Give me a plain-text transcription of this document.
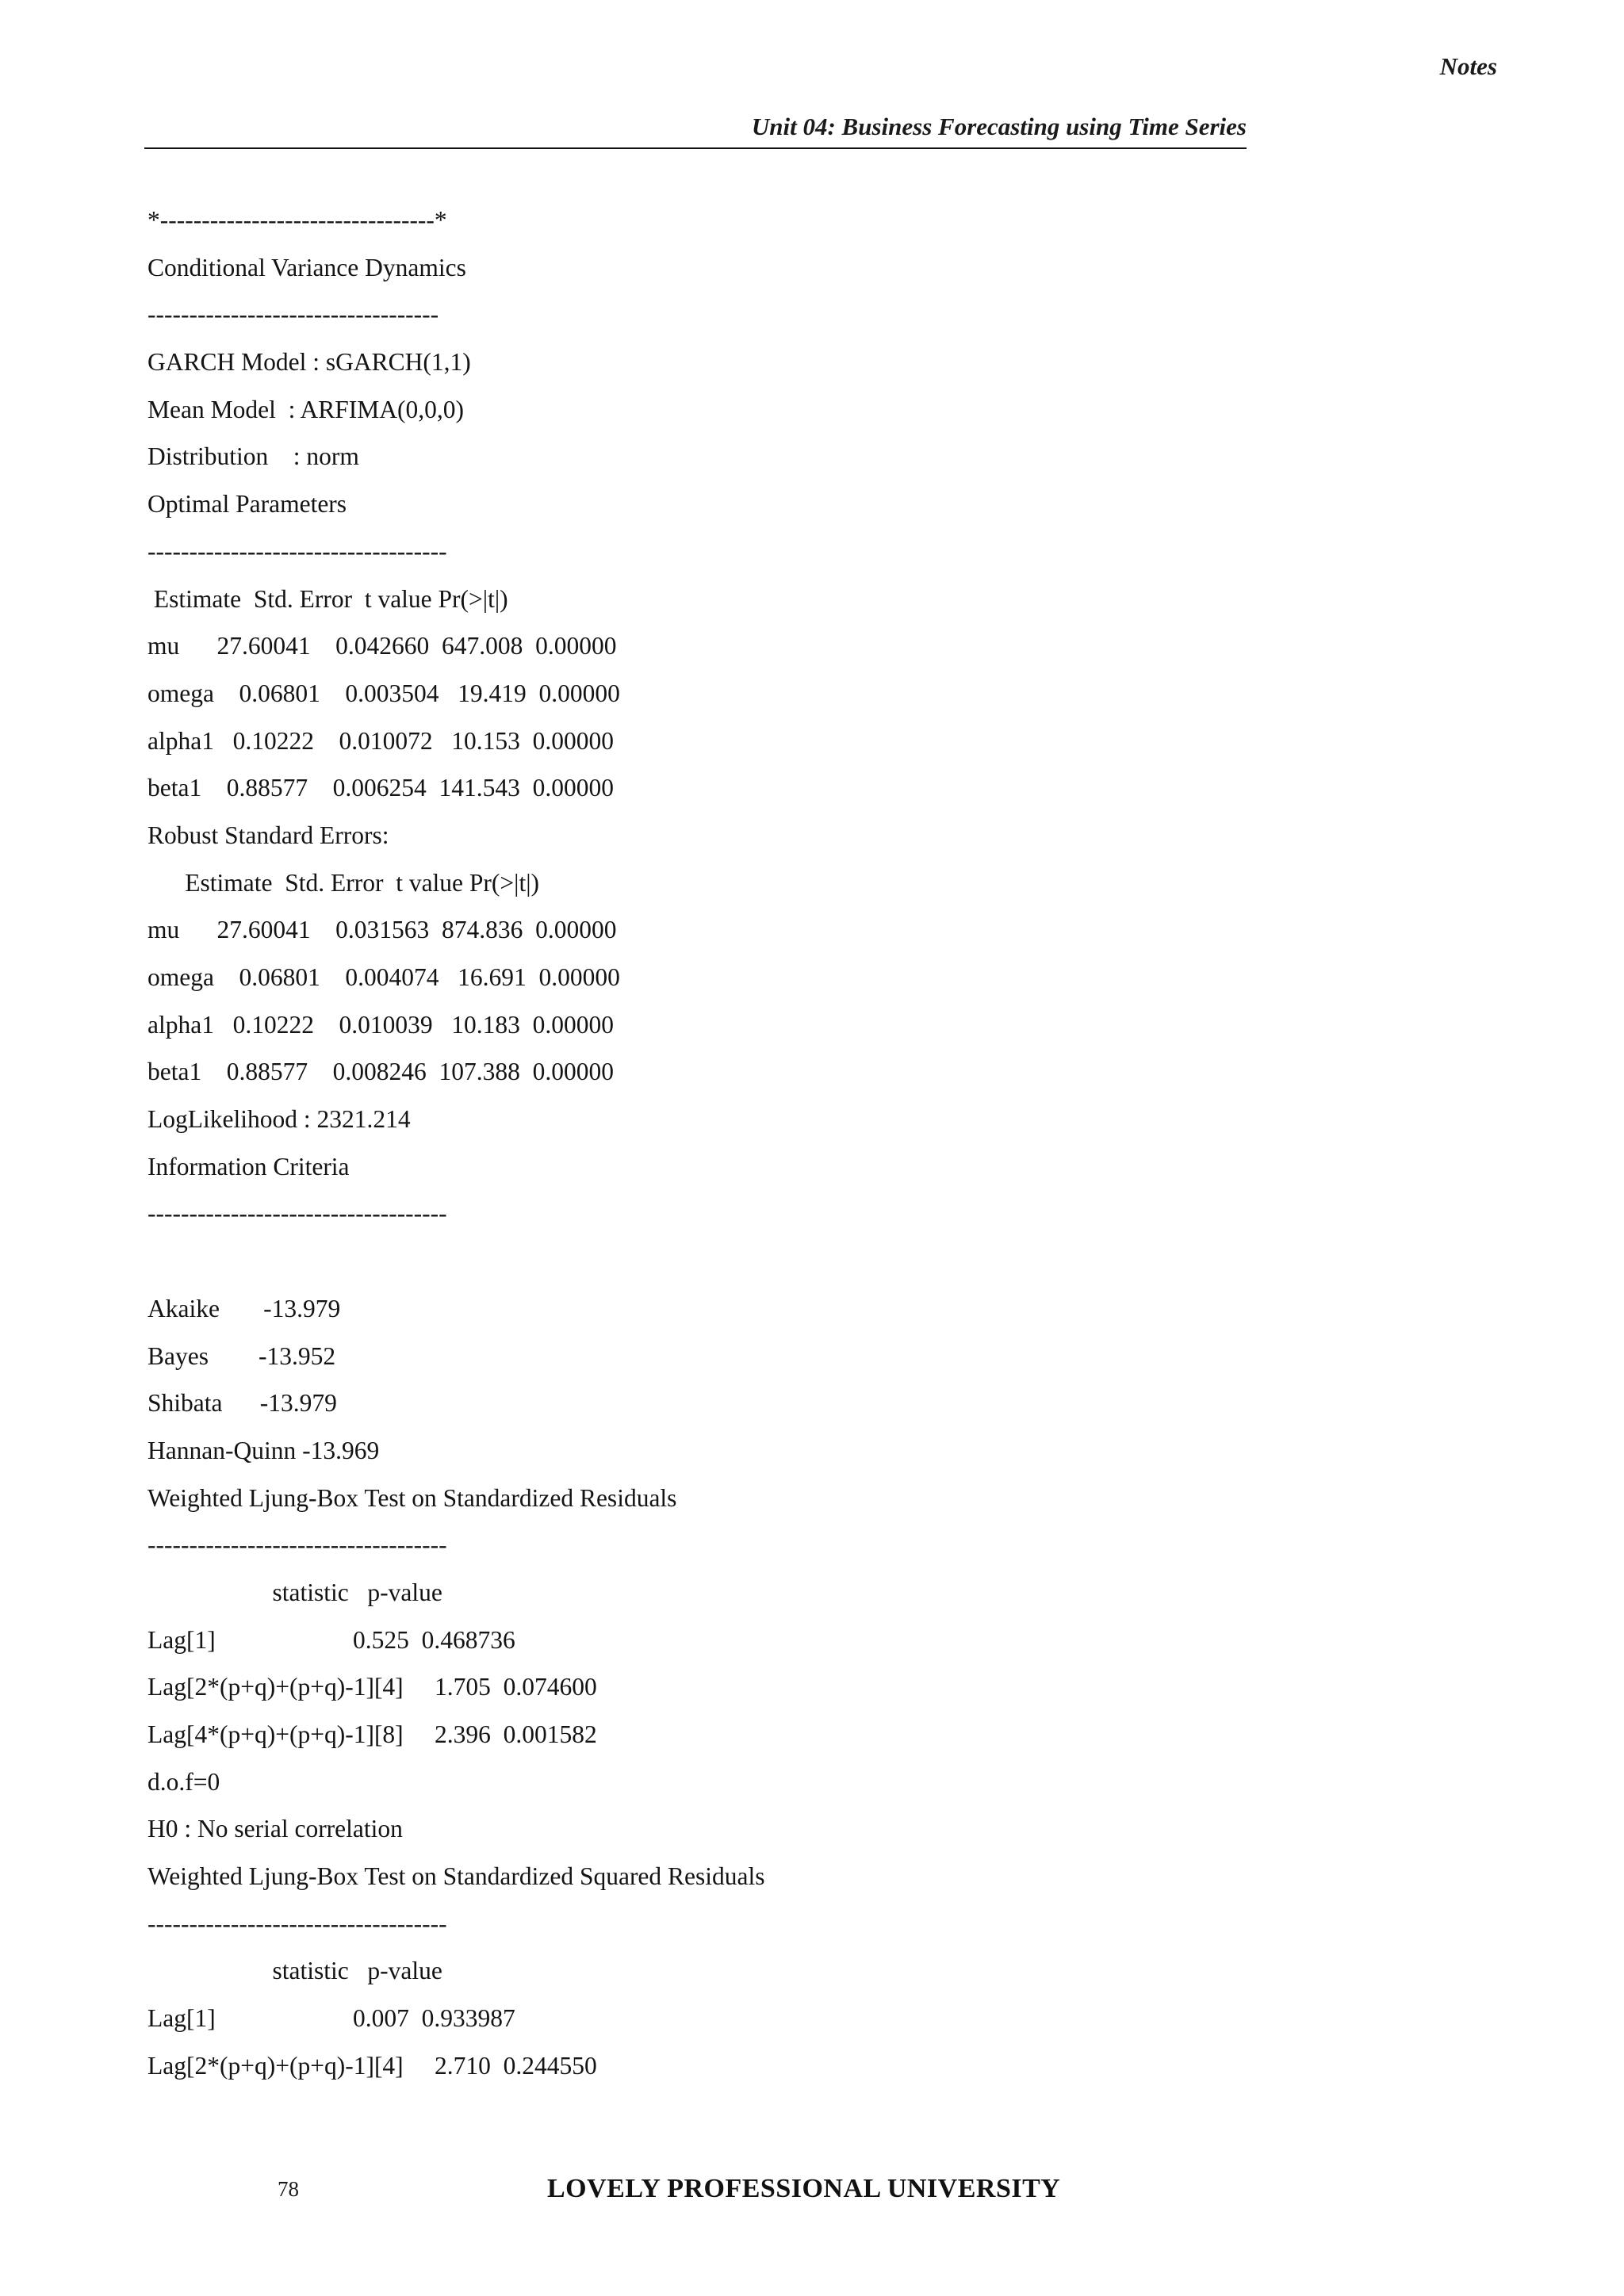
Notes
Unit 04: Business Forecasting using Time Series
*---------------------------------*
Conditional Variance Dynamics
-----------------------------------
GARCH Model : sGARCH(1,1)
Mean Model  : ARFIMA(0,0,0)
Distribution    : norm
Optimal Parameters
------------------------------------
Estimate  Std. Error  t value Pr(>|t|)
mu      27.60041    0.042660  647.008  0.00000
omega    0.06801    0.003504   19.419  0.00000
alpha1   0.10222    0.010072   10.153  0.00000
beta1    0.88577    0.006254  141.543  0.00000
Robust Standard Errors:
Estimate  Std. Error  t value Pr(>|t|)
mu      27.60041    0.031563  874.836  0.00000
omega    0.06801    0.004074   16.691  0.00000
alpha1   0.10222    0.010039   10.183  0.00000
beta1    0.88577    0.008246  107.388  0.00000
LogLikelihood : 2321.214
Information Criteria
------------------------------------
Akaike       -13.979
Bayes        -13.952
Shibata      -13.979
Hannan-Quinn -13.969
Weighted Ljung-Box Test on Standardized Residuals
------------------------------------
statistic   p-value
Lag[1]                      0.525  0.468736
Lag[2*(p+q)+(p+q)-1][4]     1.705  0.074600
Lag[4*(p+q)+(p+q)-1][8]     2.396  0.001582
d.o.f=0
H0 : No serial correlation
Weighted Ljung-Box Test on Standardized Squared Residuals
------------------------------------
statistic   p-value
Lag[1]                      0.007  0.933987
Lag[2*(p+q)+(p+q)-1][4]     2.710  0.244550
78	LOVELY PROFESSIONAL UNIVERSITY
